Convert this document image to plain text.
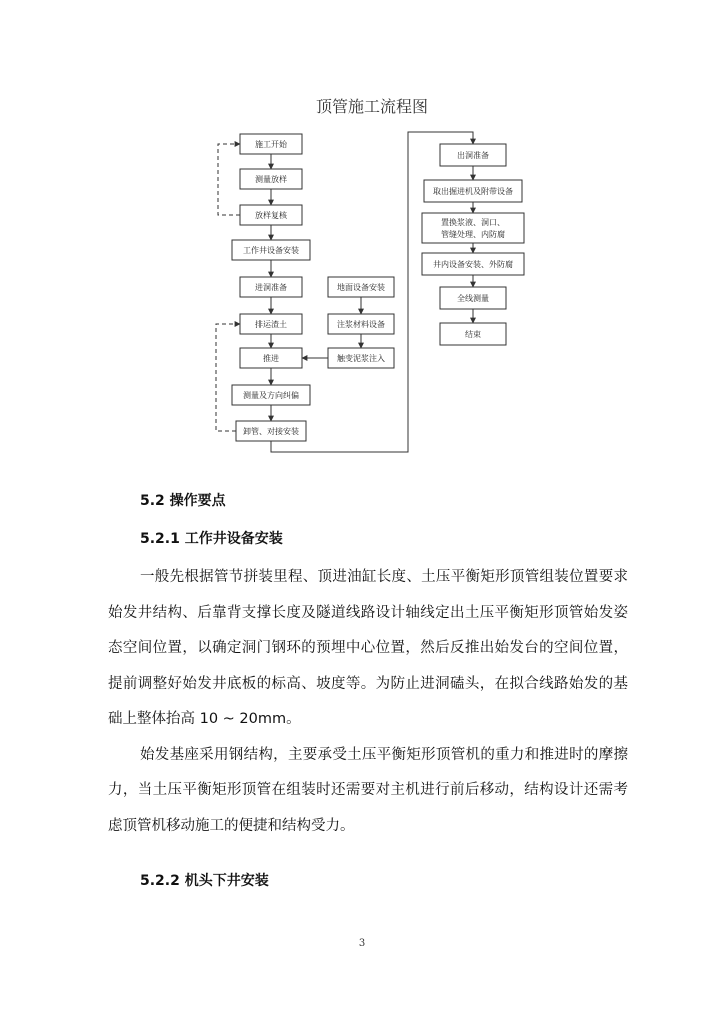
顶管施工流程图
施工开始
测量放样
放样复核
工作井设备安装
进洞准备
排运渣土
推进
测量及方向纠偏
卸管、对接安装
地面设备安装
注浆材料设备
触变泥浆注入
出洞准备
取出掘进机及附带设备
置换浆液、洞口、
管缝处理、内防腐
井内设备安装、外防腐
全线测量
结束
5.2 操作要点
5.2.1 工作井设备安装

一般先根据管节拼装里程、顶进油缸长度、土压平衡矩形顶管组装位置要求始发井结构、后靠背支撑长度及隧道线路设计轴线定出土压平衡矩形顶管始发姿态空间位置，以确定洞门钢环的预埋中心位置，然后反推出始发台的空间位置，提前调整好始发井底板的标高、坡度等。为防止进洞磕头，在拟合线路始发的基础上整体抬高 10 ~ 20mm。

始发基座采用钢结构，主要承受土压平衡矩形顶管机的重力和推进时的摩擦力，当土压平衡矩形顶管在组装时还需要对主机进行前后移动，结构设计还需考虑顶管机移动施工的便捷和结构受力。

5.2.2 机头下井安装
3
